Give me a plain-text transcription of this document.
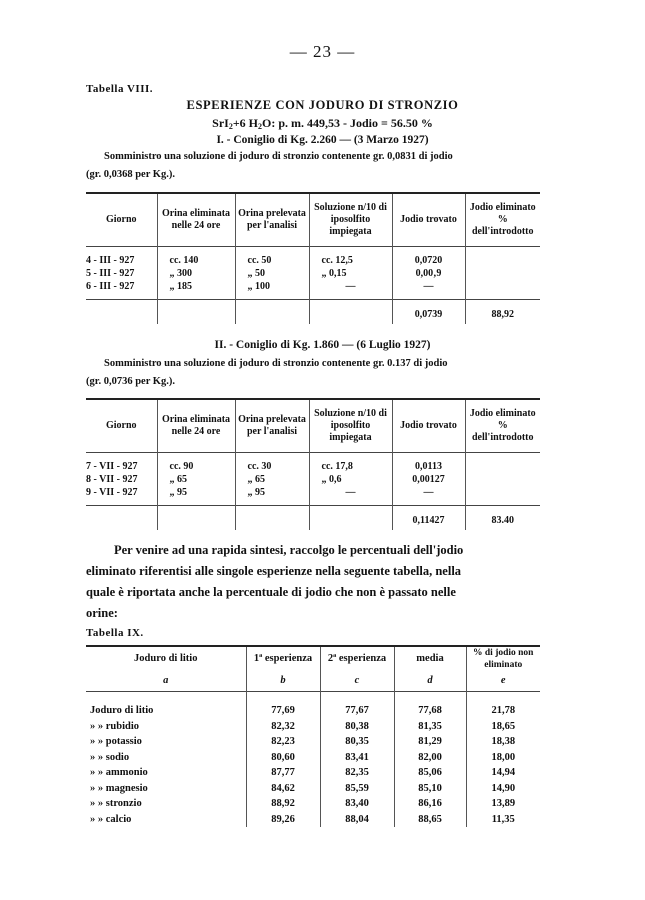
— 23 —
Tabella VIII.
ESPERIENZE CON JODURO DI STRONZIO
SrI$_2$+6 $H_2O$: p. m. 449,53 - Jodio = 56.50 %
I. - Coniglio di Kg. 2.260 — (3 Marzo 1927)
Somministro una soluzione di joduro di stronzio contenente gr. 0,0831 di jodio
(gr. 0,0368 per Kg.).
Giorno	Orina eliminata nelle 24 ore	Orina prelevata per l'analisi	Soluzione n/10 di iposolfito impiegata	Jodio trovato	Jodio eliminato % dell'introdotto
4 - III - 927	cc. 140	cc. 50	cc. 12,5	0,0720	
5 - III - 927	„ 300	„ 50	„ 0,15	0,00‚9	
6 - III - 927	„ 185	„ 100	—	—	
				0,0739	88,92
II. - Coniglio di Kg. 1.860 — (6 Luglio 1927)
Somministro una soluzione di joduro di stronzio contenente gr. 0.137 di jodio
(gr. 0,0736 per Kg.).
Giorno	Orina eliminata nelle 24 ore	Orina prelevata per l'analisi	Soluzione n/10 di iposolfito impiegata	Jodio trovato	Jodio eliminato % dell'introdotto
7 - VII - 927	cc. 90	cc. 30	cc. 17,8	0,0113	
8 - VII - 927	„ 65	„ 65	„ 0,6	0,00127	
9 - VII - 927	„ 95	„ 95	—	—	
				0,11427	83.40
Per venire ad una rapida sintesi, raccolgo le percentuali dell'jodio
eliminato riferentisi alle singole esperienze nella seguente tabella, nella
quale è riportata anche la percentuale di jodio che non è passato nelle
orine:
Tabella IX.
Joduro di litio	1ª esperienza	2ª esperienza	media	% di jodio non eliminato
a	b	c	d	e
Joduro di litio	77,69	77,67	77,68	21,78
» » rubidio	82,32	80,38	81,35	18,65
» » potassio	82,23	80,35	81,29	18,38
» » sodio	80,60	83,41	82,00	18,00
» » ammonio	87,77	82,35	85,06	14,94
» » magnesio	84,62	85,59	85,10	14,90
» » stronzio	88,92	83,40	86,16	13,89
» » calcio	89,26	88,04	88,65	11,35
